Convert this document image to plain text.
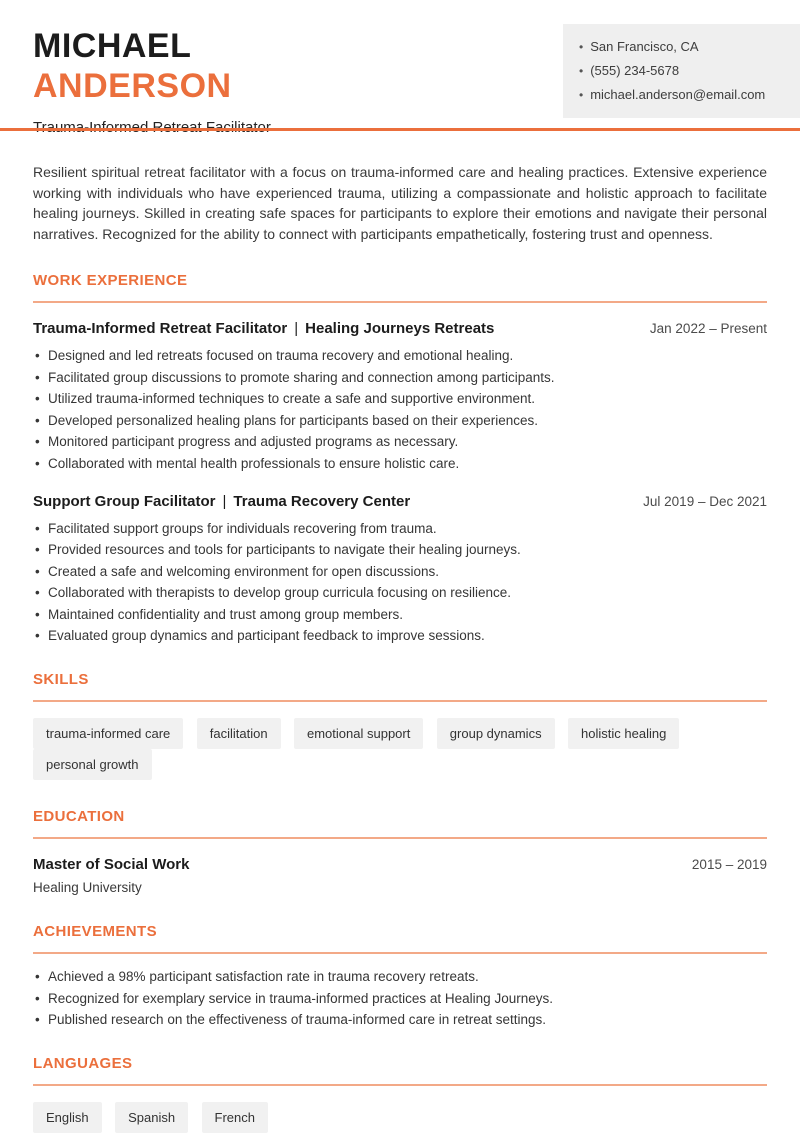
MICHAEL
ANDERSON
• San Francisco, CA
• (555) 234-5678
• michael.anderson@email.com

Resilient spiritual retreat facilitator with a focus on trauma-informed care and healing practices. Extensive experience working with individuals who have experienced trauma, utilizing a compassionate and holistic approach to facilitate healing journeys. Skilled in creating safe spaces for participants to explore their emotions and navigate their personal narratives. Recognized for the ability to connect with participants empathetically, fostering trust and openness.

WORK EXPERIENCE
Trauma-Informed Retreat Facilitator | Healing Journeys Retreats	Jan 2022 – Present
• Designed and led retreats focused on trauma recovery and emotional healing.
• Facilitated group discussions to promote sharing and connection among participants.
• Utilized trauma-informed techniques to create a safe and supportive environment.
• Developed personalized healing plans for participants based on their experiences.
• Monitored participant progress and adjusted programs as necessary.
• Collaborated with mental health professionals to ensure holistic care.
Support Group Facilitator | Trauma Recovery Center	Jul 2019 – Dec 2021
• Facilitated support groups for individuals recovering from trauma.
• Provided resources and tools for participants to navigate their healing journeys.
• Created a safe and welcoming environment for open discussions.
• Collaborated with therapists to develop group curricula focusing on resilience.
• Maintained confidentiality and trust among group members.
• Evaluated group dynamics and participant feedback to improve sessions.
SKILLS
trauma-informed care	facilitation	emotional support	group dynamics	holistic healing personal growth
EDUCATION
Master of Social Work	2015 – 2019
Healing University
ACHIEVEMENTS
• Achieved a 98% participant satisfaction rate in trauma recovery retreats.
• Recognized for exemplary service in trauma-informed practices at Healing Journeys.
• Published research on the effectiveness of trauma-informed care in retreat settings.
LANGUAGES
English	Spanish	French
